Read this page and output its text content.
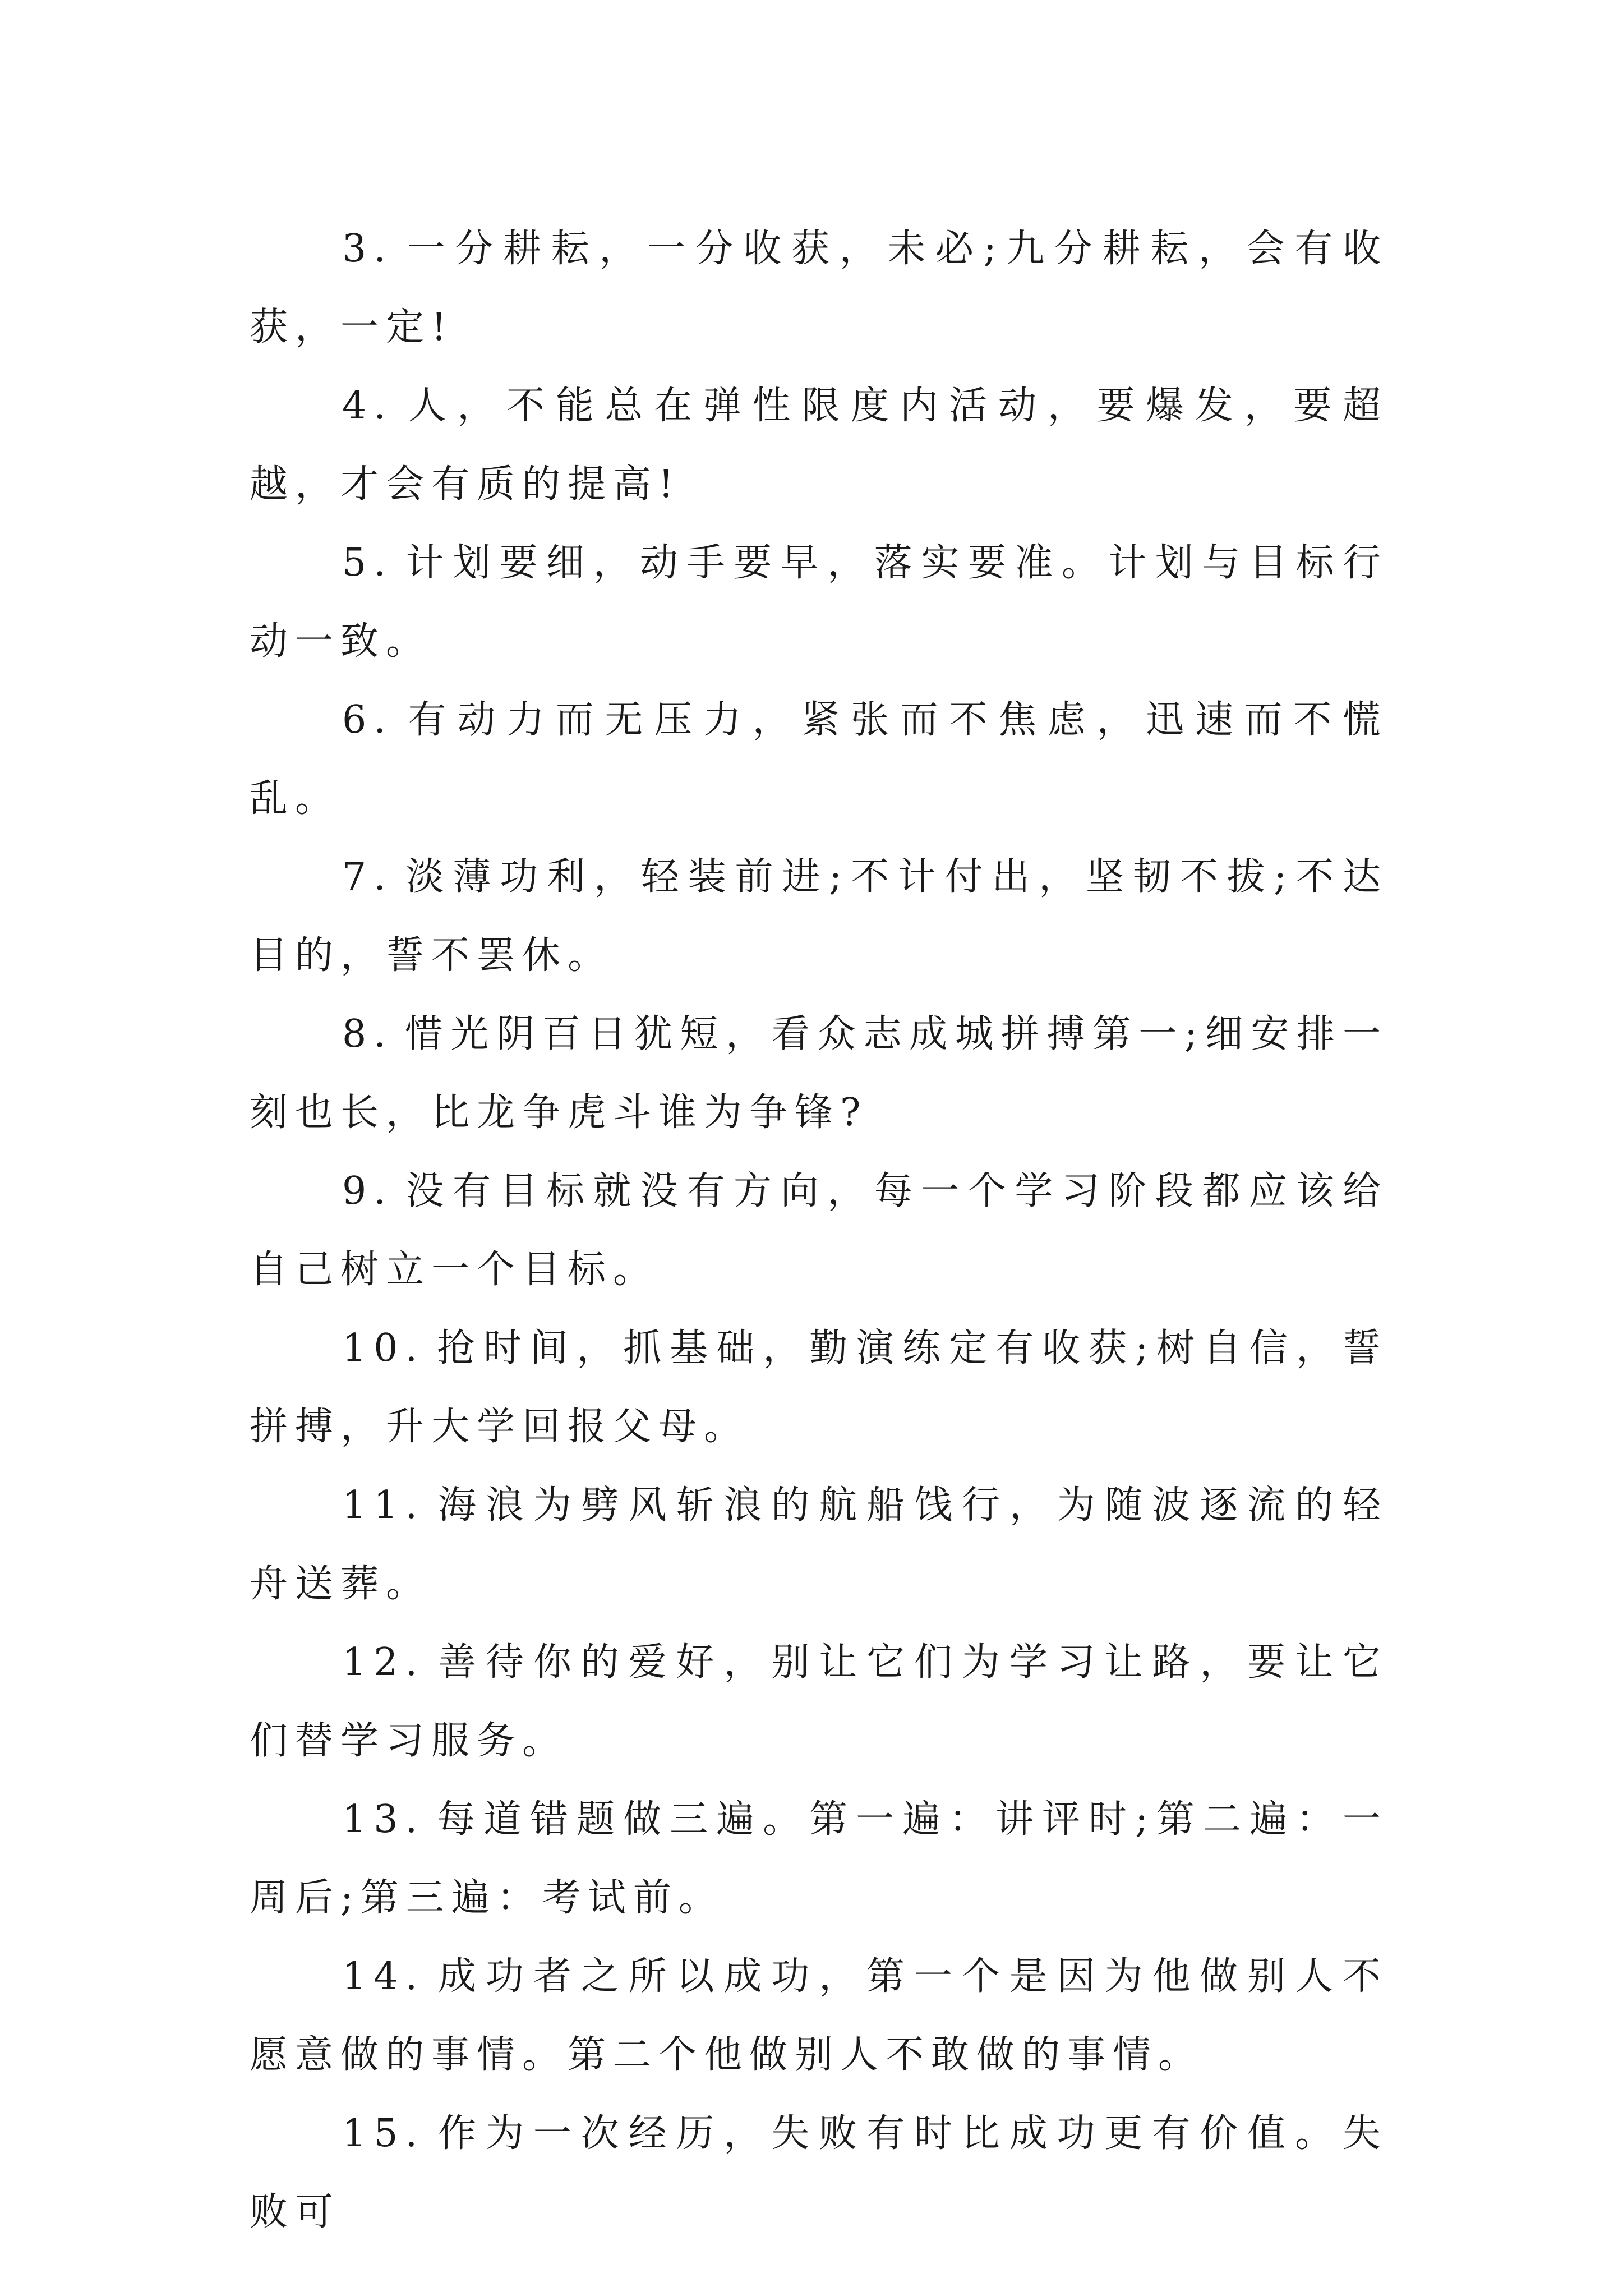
3. 一分耕耘，一分收获，未必;九分耕耘，会有收获，一定!

4. 人，不能总在弹性限度内活动，要爆发，要超越，才会有质的提高!

5. 计划要细，动手要早，落实要准。计划与目标行动一致。

6. 有动力而无压力，紧张而不焦虑，迅速而不慌乱。

7. 淡薄功利，轻装前进;不计付出，坚韧不拔;不达目的，誓不罢休。

8. 惜光阴百日犹短，看众志成城拼搏第一;细安排一刻也长，比龙争虎斗谁为争锋?

9. 没有目标就没有方向，每一个学习阶段都应该给自己树立一个目标。

10. 抢时间，抓基础，勤演练定有收获;树自信，誓拼搏，升大学回报父母。

11. 海浪为劈风斩浪的航船饯行，为随波逐流的轻舟送葬。

12. 善待你的爱好，别让它们为学习让路，要让它们替学习服务。

13. 每道错题做三遍。第一遍：讲评时;第二遍：一周后;第三遍：考试前。

14. 成功者之所以成功，第一个是因为他做别人不愿意做的事情。第二个他做别人不敢做的事情。

15. 作为一次经历，失败有时比成功更有价值。失败可
